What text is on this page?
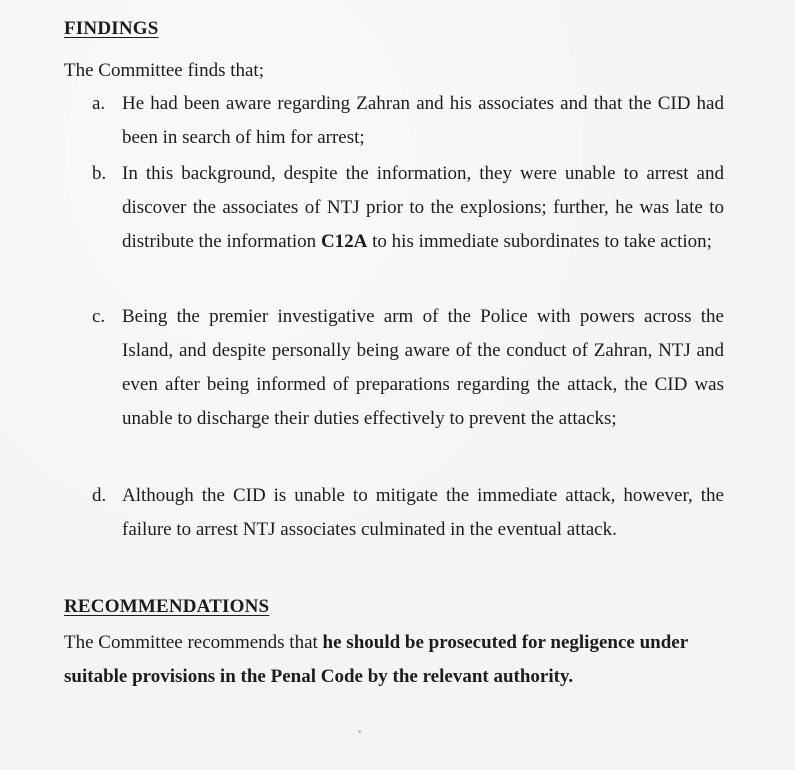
FINDINGS
The Committee finds that;
a. He had been aware regarding Zahran and his associates and that the CID had been in search of him for arrest;
b. In this background, despite the information, they were unable to arrest and discover the associates of NTJ prior to the explosions; further, he was late to distribute the information C12A to his immediate subordinates to take action;
c. Being the premier investigative arm of the Police with powers across the Island, and despite personally being aware of the conduct of Zahran, NTJ and even after being informed of preparations regarding the attack, the CID was unable to discharge their duties effectively to prevent the attacks;
d. Although the CID is unable to mitigate the immediate attack, however, the failure to arrest NTJ associates culminated in the eventual attack.
RECOMMENDATIONS
The Committee recommends that he should be prosecuted for negligence under suitable provisions in the Penal Code by the relevant authority.
